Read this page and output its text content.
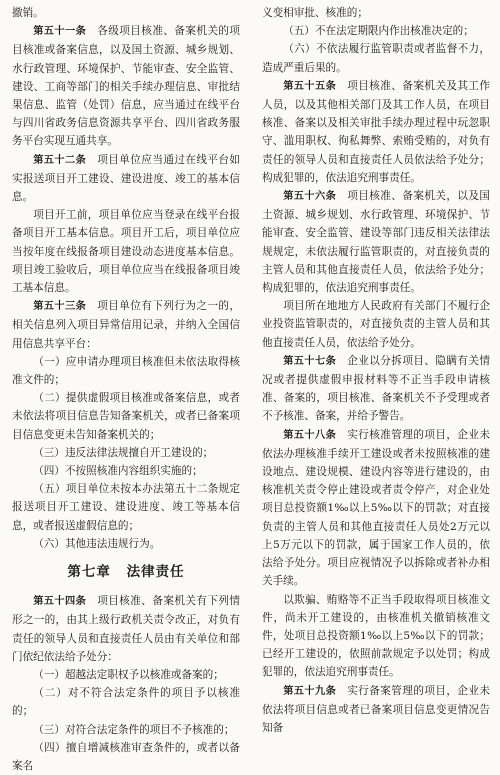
撤销。

第五十一条　 各级项目核准、备案机关的项目核准或备案信息，以及国土资源、城乡规划、水行政管理、环境保护、节能审查、安全监管、建设、工商等部门的相关手续办理信息、审批结果信息、监管（处罚）信息，应当通过在线平台与四川省政务信息资源共享平台、四川省政务服务平台实现互通共享。

第五十二条　 项目单位应当通过在线平台如实报送项目开工建设、建设进度、竣工的基本信息。

项目开工前，项目单位应当登录在线平台报备项目开工基本信息。项目开工后，项目单位应当按年度在线报备项目建设动态进度基本信息。项目竣工验收后，项目单位应当在线报备项目竣工基本信息。

第五十三条　 项目单位有下列行为之一的，相关信息列入项目异常信用记录，并纳入全国信用信息共享平台：

（一）应申请办理项目核准但未依法取得核准文件的；

（二）提供虚假项目核准或备案信息，或者未依法将项目信息告知备案机关，或者已备案项目信息变更未告知备案机关的；

（三）违反法律法规擅自开工建设的；

（四）不按照核准内容组织实施的；

（五）项目单位未按本办法第五十二条规定报送项目开工建设、建设进度、竣工等基本信息，或者报送虚假信息的；

（六）其他违法违规行为。

第七章 法律责任

第五十四条　 项目核准、备案机关有下列情形之一的，由其上级行政机关责令改正，对负有责任的领导人员和直接责任人员由有关单位和部门依纪依法给予处分：

（一）超越法定职权予以核准或备案的；

（二）对不符合法定条件的项目予以核准的；

（三）对符合法定条件的项目不予核准的；

（四）擅自增减核准审查条件的，或者以备案名

义变相审批、核准的；

（五）不在法定期限内作出核准决定的；

（六）不依法履行监管职责或者监督不力，造成严重后果的。

第五十五条　 项目核准、备案机关及其工作人员，以及其他相关部门及其工作人员，在项目核准、备案以及相关审批手续办理过程中玩忽职守、滥用职权、徇私舞弊、索贿受贿的，对负有责任的领导人员和直接责任人员依法给予处分；构成犯罪的，依法追究刑事责任。

第五十六条　 项目核准、备案机关，以及国土资源、城乡规划、水行政管理、环境保护、节能审查、安全监管、建设等部门违反相关法律法规规定，未依法履行监管职责的，对直接负责的主管人员和其他直接责任人员，依法给予处分；构成犯罪的，依法追究刑事责任。

项目所在地地方人民政府有关部门不履行企业投资监管职责的，对直接负责的主管人员和其他直接责任人员，依法给予处分。

第五十七条　 企业以分拆项目、隐瞒有关情况或者提供虚假申报材料等不正当手段申请核准、备案的，项目核准、备案机关不予受理或者不予核准、备案，并给予警告。

第五十八条　 实行核准管理的项目，企业未依法办理核准手续开工建设或者未按照核准的建设地点、建设规模、建设内容等进行建设的，由核准机关责令停止建设或者责令停产，对企业处项目总投资额1‰以上5‰以下的罚款；对直接负责的主管人员和其他直接责任人员处2万元以上5万元以下的罚款，属于国家工作人员的，依法给予处分。项目应视情况予以拆除或者补办相关手续。

以欺骗、贿赂等不正当手段取得项目核准文件，尚未开工建设的，由核准机关撤销核准文件，处项目总投资额1‰以上5‰以下的罚款；已经开工建设的，依照前款规定予以处罚；构成犯罪的，依法追究刑事责任。

第五十九条　 实行备案管理的项目，企业未依法将项目信息或者已备案项目信息变更情况告知备
